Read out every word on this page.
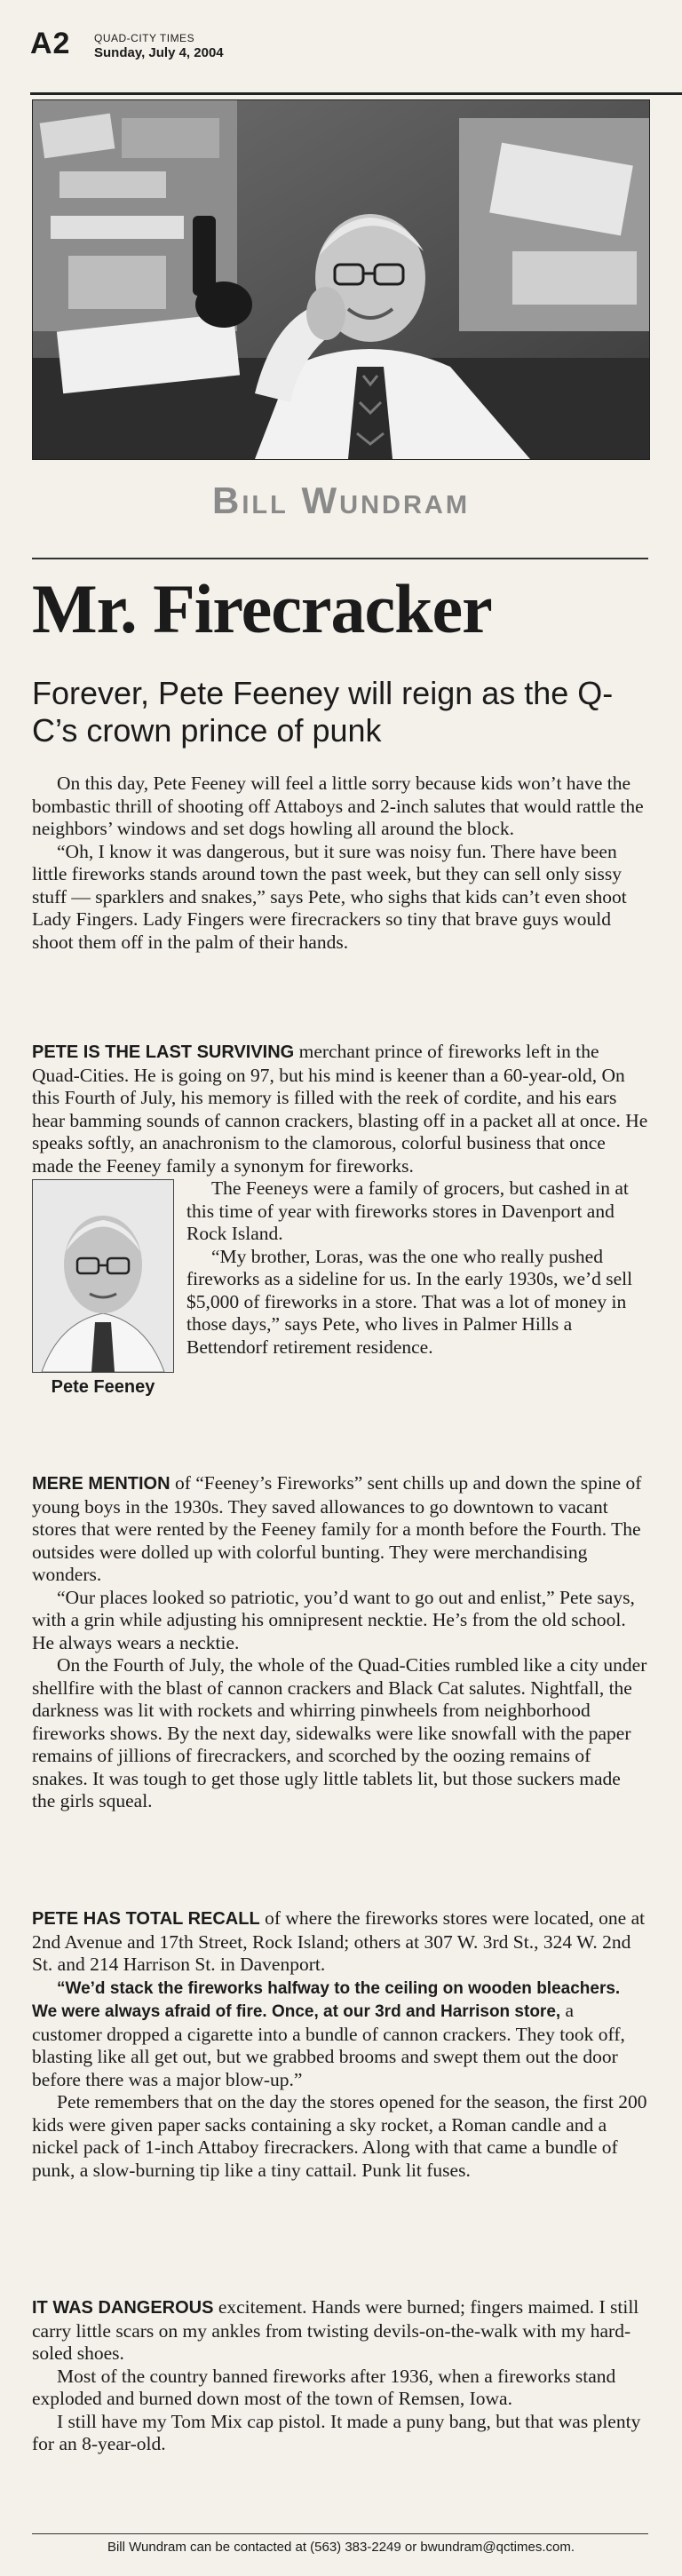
A2 QUAD-CITY TIMES
Sunday, July 4, 2004
Bill Wundram
Mr. Firecracker
Forever, Pete Feeney will reign as the Q-C’s crown prince of punk

On this day, Pete Feeney will feel a little sorry because kids won’t have the bombastic thrill of shooting off Attaboys and 2-inch salutes that would rattle the neighbors’ windows and set dogs howling all around the block.

“Oh, I know it was dangerous, but it sure was noisy fun. There have been little fireworks stands around town the past week, but they can sell only sissy stuff — sparklers and snakes,” says Pete, who sighs that kids can’t even shoot Lady Fingers. Lady Fingers were firecrackers so tiny that brave guys would shoot them off in the palm of their hands.

PETE IS THE LAST SURVIVING merchant prince of fireworks left in the Quad-Cities. He is going on 97, but his mind is keener than a 60-year-old, On this Fourth of July, his memory is filled with the reek of cordite, and his ears hear bamming sounds of cannon crackers, blasting off in a packet all at once. He speaks softly, an anachronism to the clamorous, colorful business that once made the Feeney family a synonym for fireworks.

Pete Feeney

The Feeneys were a family of grocers, but cashed in at this time of year with fireworks stores in Davenport and Rock Island.

“My brother, Loras, was the one who really pushed fireworks as a sideline for us. In the early 1930s, we’d sell $5,000 of fireworks in a store. That was a lot of money in those days,” says Pete, who lives in Palmer Hills a Bettendorf retirement residence.

MERE MENTION of “Feeney’s Fireworks” sent chills up and down the spine of young boys in the 1930s. They saved allowances to go downtown to vacant stores that were rented by the Feeney family for a month before the Fourth. The outsides were dolled up with colorful bunting. They were merchandising wonders.

“Our places looked so patriotic, you’d want to go out and enlist,” Pete says, with a grin while adjusting his omnipresent necktie. He’s from the old school. He always wears a necktie.

On the Fourth of July, the whole of the Quad-Cities rumbled like a city under shellfire with the blast of cannon crackers and Black Cat salutes. Nightfall, the darkness was lit with rockets and whirring pinwheels from neighborhood fireworks shows. By the next day, sidewalks were like snowfall with the paper remains of jillions of firecrackers, and scorched by the oozing remains of snakes. It was tough to get those ugly little tablets lit, but those suckers made the girls squeal.

PETE HAS TOTAL RECALL of where the fireworks stores were located, one at 2nd Avenue and 17th Street, Rock Island; others at 307 W. 3rd St., 324 W. 2nd St. and 214 Harrison St. in Davenport.

“We’d stack the fireworks halfway to the ceiling on wooden bleachers. We were always afraid of fire. Once, at our 3rd and Harrison store, a customer dropped a cigarette into a bundle of cannon crackers. They took off, blasting like all get out, but we grabbed brooms and swept them out the door before there was a major blow-up.”

Pete remembers that on the day the stores opened for the season, the first 200 kids were given paper sacks containing a sky rocket, a Roman candle and a nickel pack of 1-inch Attaboy firecrackers. Along with that came a bundle of punk, a slow-burning tip like a tiny cattail. Punk lit fuses.

IT WAS DANGEROUS excitement. Hands were burned; fingers maimed. I still carry little scars on my ankles from twisting devils-on-the-walk with my hard-soled shoes.

Most of the country banned fireworks after 1936, when a fireworks stand exploded and burned down most of the town of Remsen, Iowa.

I still have my Tom Mix cap pistol. It made a puny bang, but that was plenty for an 8-year-old.

Bill Wundram can be contacted at (563) 383-2249 or bwundram@qctimes.com.
